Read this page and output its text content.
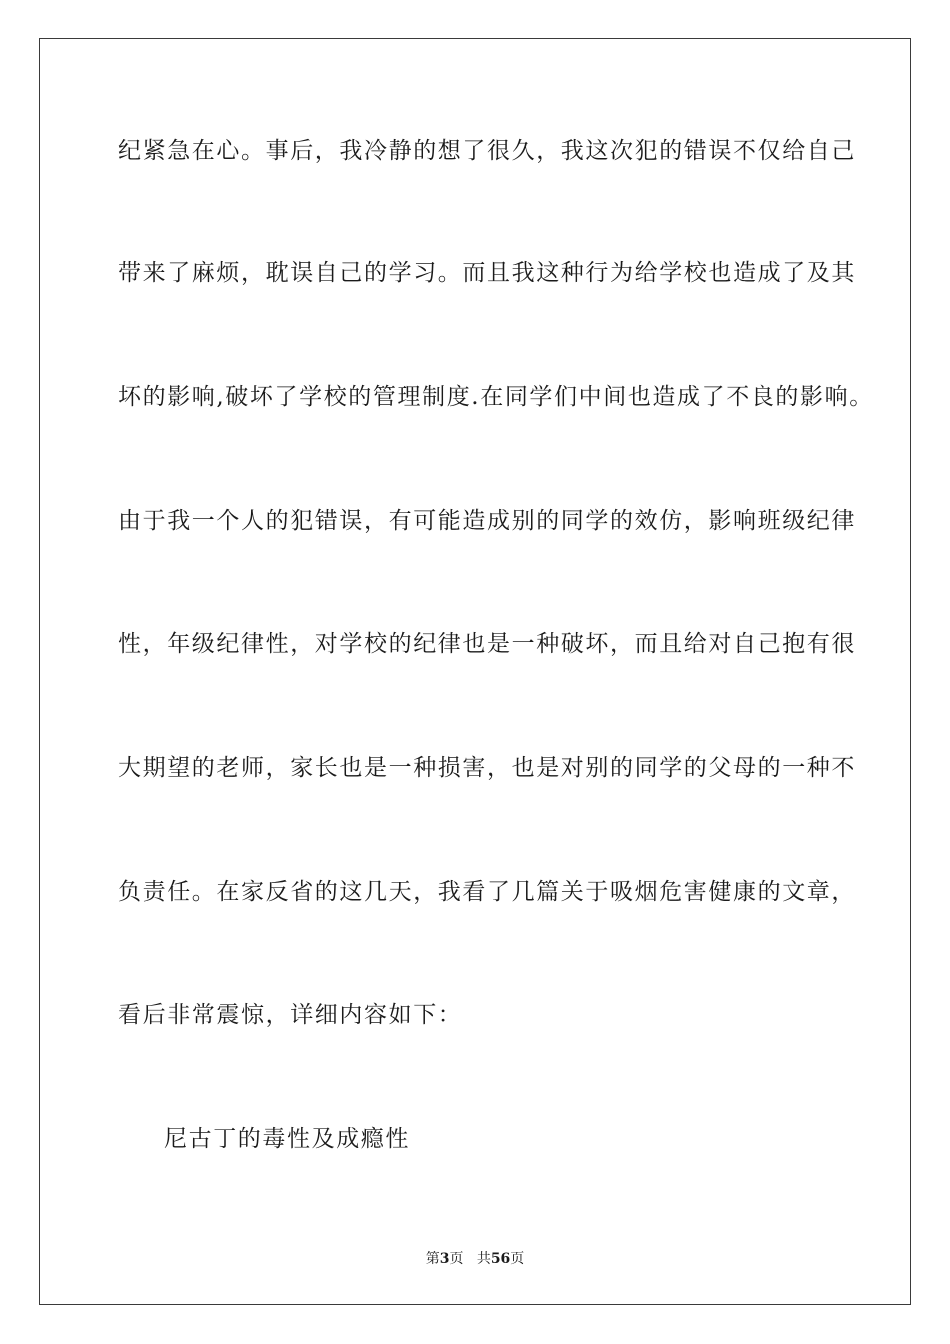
纪紧急在心。事后，我冷静的想了很久，我这次犯的错误不仅给自己
带来了麻烦，耽误自己的学习。而且我这种行为给学校也造成了及其
坏的影响,破坏了学校的管理制度.在同学们中间也造成了不良的影响。
由于我一个人的犯错误，有可能造成别的同学的效仿，影响班级纪律
性，年级纪律性，对学校的纪律也是一种破坏，而且给对自己抱有很
大期望的老师，家长也是一种损害，也是对别的同学的父母的一种不
负责任。在家反省的这几天，我看了几篇关于吸烟危害健康的文章，
看后非常震惊，详细内容如下：
尼古丁的毒性及成瘾性
第3页 共56页
